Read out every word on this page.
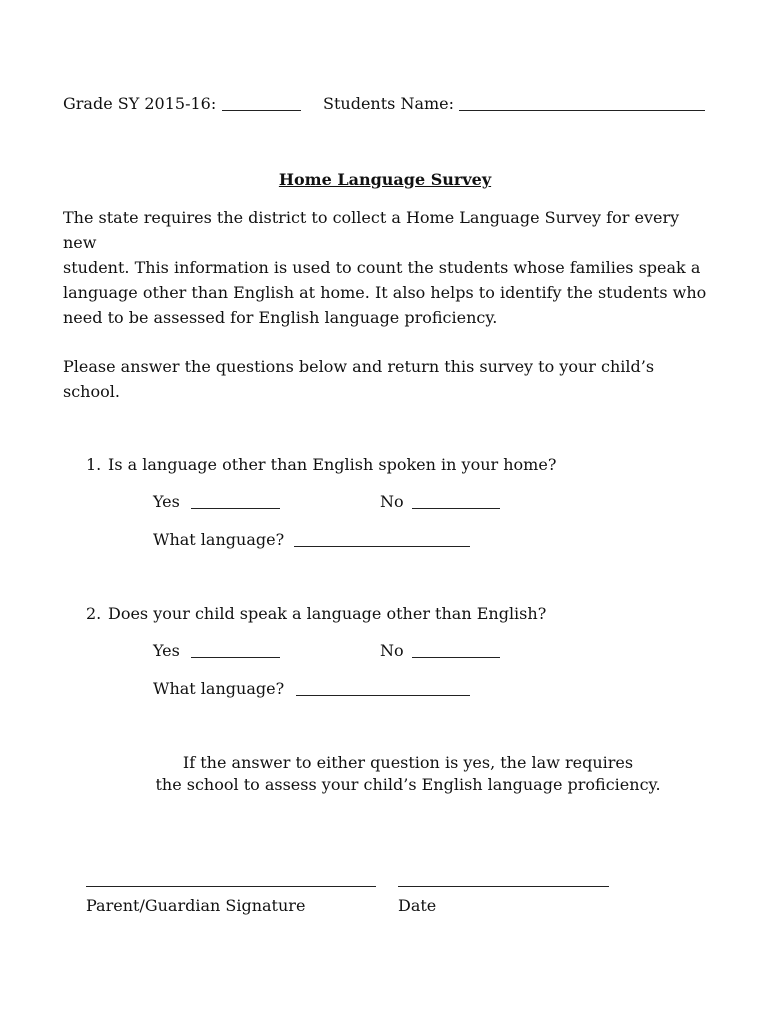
Grade SY 2015-16:	Students Name:
Home Language Survey
The state requires the district to collect a Home Language Survey for every new
student. This information is used to count the students whose families speak a
language other than English at home. It also helps to identify the students who
need to be assessed for English language proficiency.
Please answer the questions below and return this survey to your child’s
school.
1. Is a language other than English spoken in your home?
Yes	No
What language?
2. Does your child speak a language other than English?
Yes	No
What language?
If the answer to either question is yes, the law requires
the school to assess your child’s English language proficiency.
Parent/Guardian Signature	Date
